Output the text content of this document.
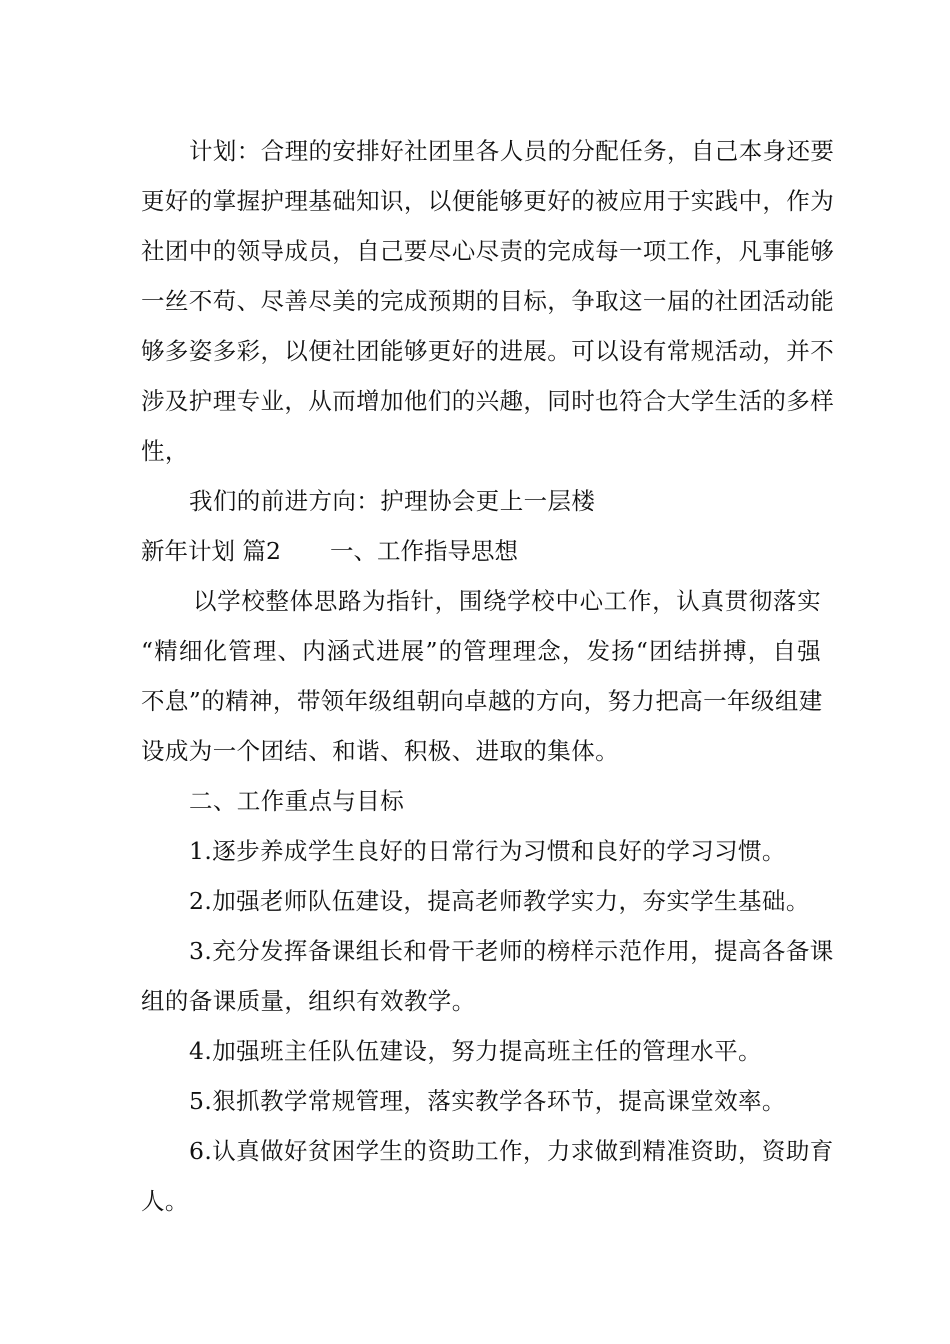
计划：合理的安排好社团里各人员的分配任务，自己本身还要
更好的掌握护理基础知识，以便能够更好的被应用于实践中，作为
社团中的领导成员，自己要尽心尽责的完成每一项工作，凡事能够
一丝不苟、尽善尽美的完成预期的目标，争取这一届的社团活动能
够多姿多彩，以便社团能够更好的进展。可以设有常规活动，并不
涉及护理专业，从而增加他们的兴趣，同时也符合大学生活的多样
性，
我们的前进方向：护理协会更上一层楼
新年计划 篇2 一、工作指导思想
以学校整体思路为指针，围绕学校中心工作，认真贯彻落实
“精细化管理、内涵式进展”的管理理念，发扬“团结拼搏，自强
不息”的精神，带领年级组朝向卓越的方向，努力把高一年级组建
设成为一个团结、和谐、积极、进取的集体。
二、工作重点与目标
1.逐步养成学生良好的日常行为习惯和良好的学习习惯。
2.加强老师队伍建设，提高老师教学实力，夯实学生基础。
3.充分发挥备课组长和骨干老师的榜样示范作用，提高各备课
组的备课质量，组织有效教学。
4.加强班主任队伍建设，努力提高班主任的管理水平。
5.狠抓教学常规管理，落实教学各环节，提高课堂效率。
6.认真做好贫困学生的资助工作，力求做到精准资助，资助育
人。
